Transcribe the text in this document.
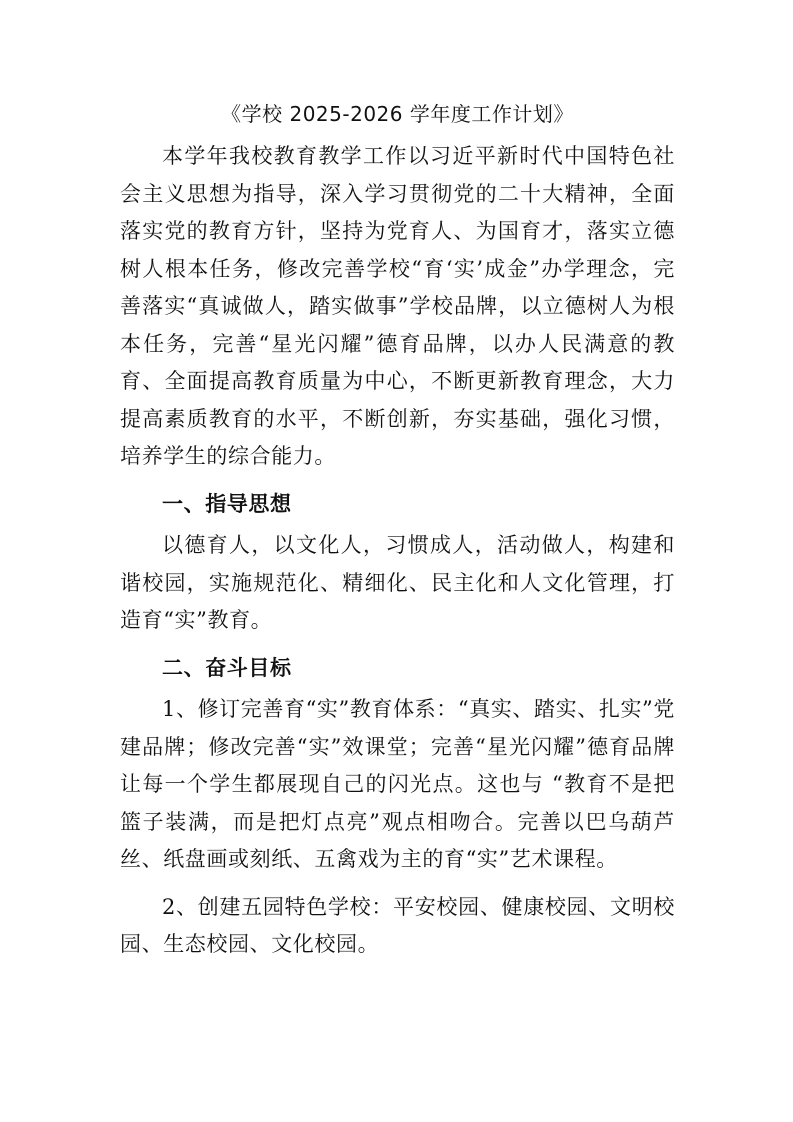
《学校 2025-2026 学年度工作计划》

本学年我校教育教学工作以习近平新时代中国特色社会主义思想为指导，深入学习贯彻党的二十大精神，全面落实党的教育方针，坚持为党育人、为国育才，落实立德树人根本任务，修改完善学校“育‘实’成金”办学理念，完善落实“真诚做人，踏实做事”学校品牌，以立德树人为根本任务，完善“星光闪耀”德育品牌，以办人民满意的教育、全面提高教育质量为中心，不断更新教育理念，大力提高素质教育的水平，不断创新，夯实基础，强化习惯，培养学生的综合能力。

一、指导思想

以德育人，以文化人，习惯成人，活动做人，构建和谐校园，实施规范化、精细化、民主化和人文化管理，打造育“实”教育。

二、奋斗目标

1、修订完善育“实”教育体系：“真实、踏实、扎实”党建品牌；修改完善“实”效课堂；完善“星光闪耀”德育品牌让每一个学生都展现自己的闪光点。这也与 “教育不是把篮子装满，而是把灯点亮”观点相吻合。完善以巴乌葫芦丝、纸盘画或刻纸、五禽戏为主的育“实”艺术课程。

2、创建五园特色学校：平安校园、健康校园、文明校园、生态校园、文化校园。
